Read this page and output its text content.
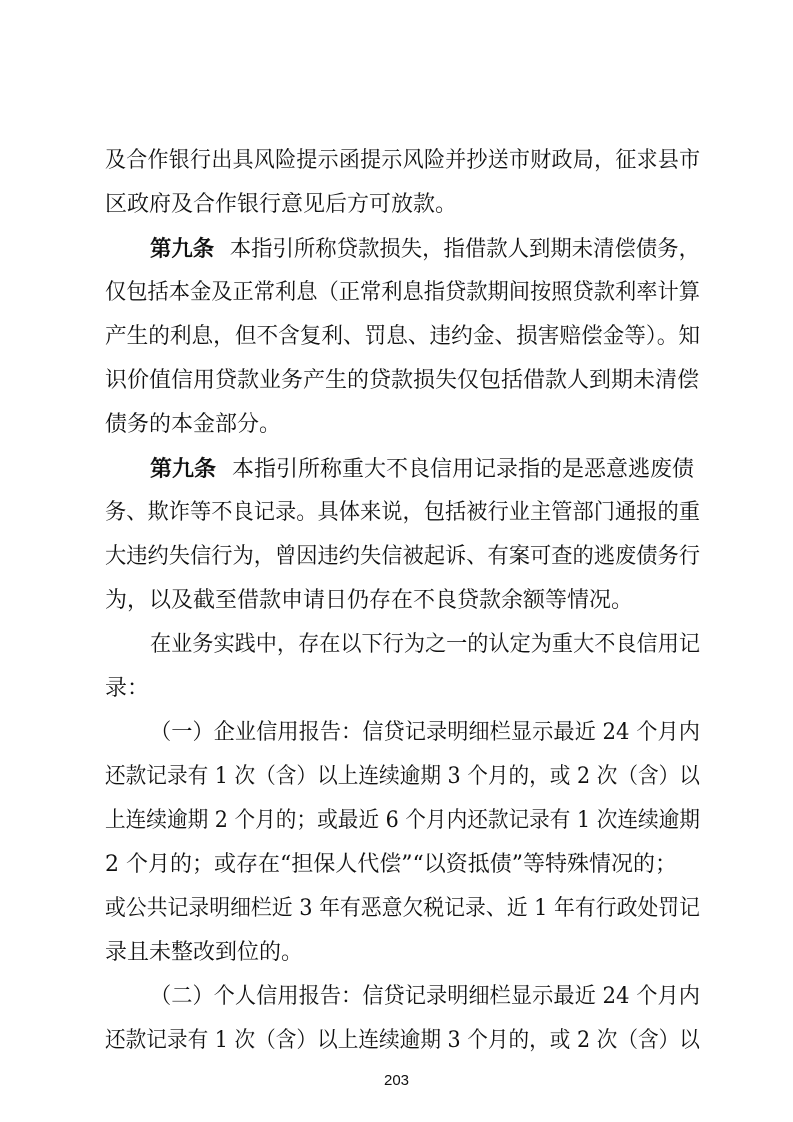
及合作银行出具风险提示函提示风险并抄送市财政局，征求县市
区政府及合作银行意见后方可放款。
第九条 本指引所称贷款损失，指借款人到期未清偿债务，
仅包括本金及正常利息（正常利息指贷款期间按照贷款利率计算
产生的利息，但不含复利、罚息、违约金、损害赔偿金等）。知
识价值信用贷款业务产生的贷款损失仅包括借款人到期未清偿
债务的本金部分。
第九条 本指引所称重大不良信用记录指的是恶意逃废债
务、欺诈等不良记录。具体来说，包括被行业主管部门通报的重
大违约失信行为，曾因违约失信被起诉、有案可查的逃废债务行
为，以及截至借款申请日仍存在不良贷款余额等情况。
在业务实践中，存在以下行为之一的认定为重大不良信用记
录：
（一）企业信用报告：信贷记录明细栏显示最近 24 个月内
还款记录有 1 次（含）以上连续逾期 3 个月的，或 2 次（含）以
上连续逾期 2 个月的；或最近 6 个月内还款记录有 1 次连续逾期
2 个月的；或存在“担保人代偿”“以资抵债”等特殊情况的；
或公共记录明细栏近 3 年有恶意欠税记录、近 1 年有行政处罚记
录且未整改到位的。
（二）个人信用报告：信贷记录明细栏显示最近 24 个月内
还款记录有 1 次（含）以上连续逾期 3 个月的，或 2 次（含）以
203
